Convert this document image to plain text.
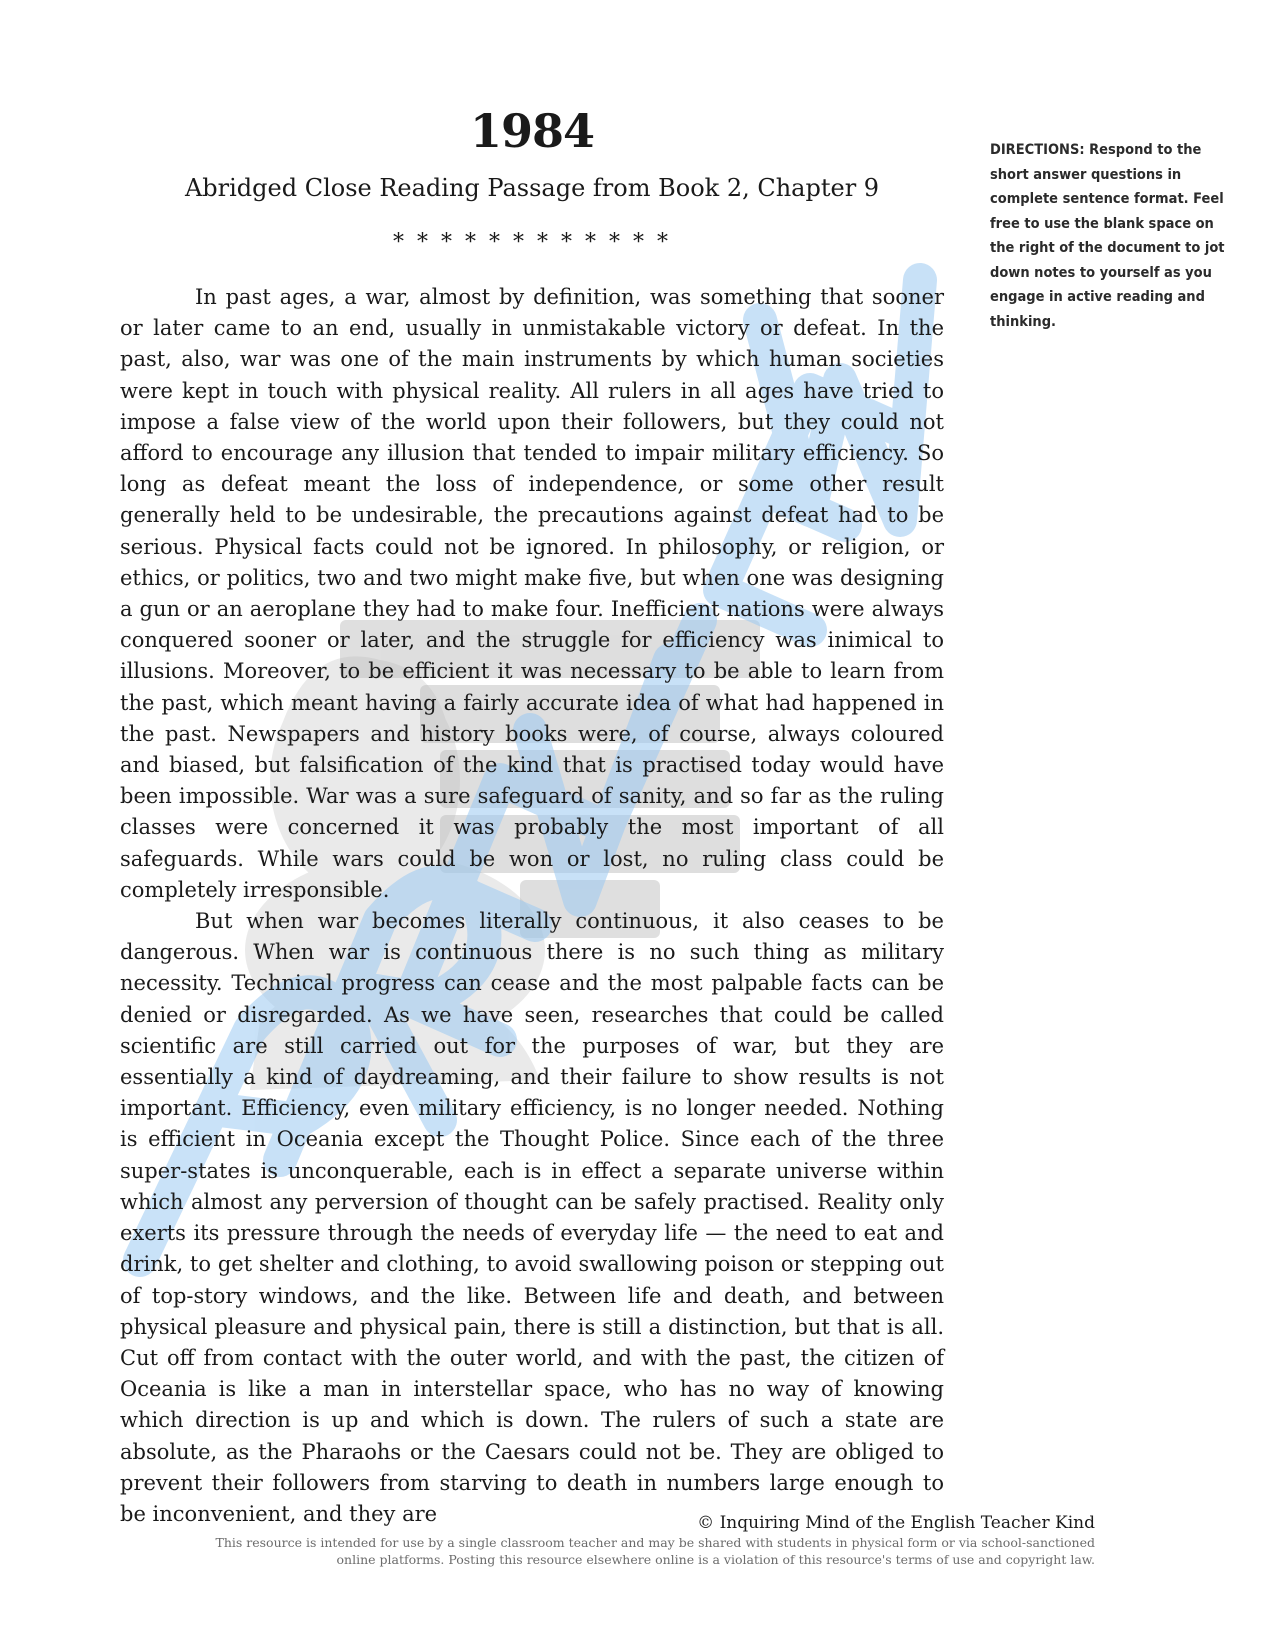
1984
Abridged Close Reading Passage from Book 2, Chapter 9
* * * * * * * * * * * *
DIRECTIONS: Respond to the short answer questions in complete sentence format. Feel free to use the blank space on the right of the document to jot down notes to yourself as you engage in active reading and thinking.

In past ages, a war, almost by definition, was something that sooner or later came to an end, usually in unmistakable victory or defeat. In the past, also, war was one of the main instruments by which human societies were kept in touch with physical reality. All rulers in all ages have tried to impose a false view of the world upon their followers, but they could not afford to encourage any illusion that tended to impair military efficiency. So long as defeat meant the loss of independence, or some other result generally held to be undesirable, the precautions against defeat had to be serious. Physical facts could not be ignored. In philosophy, or religion, or ethics, or politics, two and two might make five, but when one was designing a gun or an aeroplane they had to make four. Inefficient nations were always conquered sooner or later, and the struggle for efficiency was inimical to illusions. Moreover, to be efficient it was necessary to be able to learn from the past, which meant having a fairly accurate idea of what had happened in the past. Newspapers and history books were, of course, always coloured and biased, but falsification of the kind that is practised today would have been impossible. War was a sure safeguard of sanity, and so far as the ruling classes were concerned it was probably the most important of all safeguards. While wars could be won or lost, no ruling class could be completely irresponsible.

But when war becomes literally continuous, it also ceases to be dangerous. When war is continuous there is no such thing as military necessity. Technical progress can cease and the most palpable facts can be denied or disregarded. As we have seen, researches that could be called scientific are still carried out for the purposes of war, but they are essentially a kind of daydreaming, and their failure to show results is not important. Efficiency, even military efficiency, is no longer needed. Nothing is efficient in Oceania except the Thought Police. Since each of the three super-states is unconquerable, each is in effect a separate universe within which almost any perversion of thought can be safely practised. Reality only exerts its pressure through the needs of everyday life — the need to eat and drink, to get shelter and clothing, to avoid swallowing poison or stepping out of top-story windows, and the like. Between life and death, and between physical pleasure and physical pain, there is still a distinction, but that is all. Cut off from contact with the outer world, and with the past, the citizen of Oceania is like a man in interstellar space, who has no way of knowing which direction is up and which is down. The rulers of such a state are absolute, as the Pharaohs or the Caesars could not be. They are obliged to prevent their followers from starving to death in numbers large enough to be inconvenient, and they are	© Inquiring Mind of the English Teacher Kind
This resource is intended for use by a single classroom teacher and may be shared with students in physical form or via school-sanctioned
online platforms. Posting this resource elsewhere online is a violation of this resource's terms of use and copyright law.
